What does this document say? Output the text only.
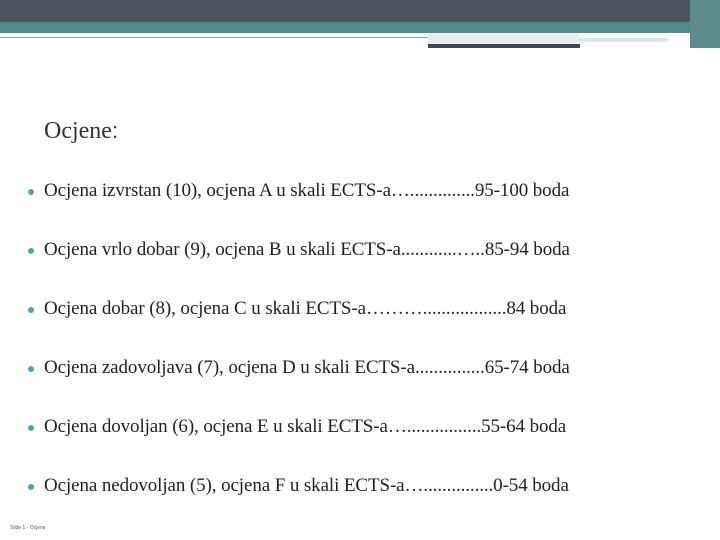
Ocjene:
Ocjena izvrstan (10), ocjena A u skali ECTS-a…..............95-100 boda
Ocjena vrlo dobar (9), ocjena B u skali ECTS-a............…..85-94 boda
Ocjena dobar (8), ocjena C u skali ECTS-a………..................84 boda
Ocjena zadovoljava (7), ocjena D u skali ECTS-a...............65-74 boda
Ocjena dovoljan (6), ocjena E u skali ECTS-a…................55-64 boda
Ocjena nedovoljan (5), ocjena F u skali ECTS-a…...............0-54 boda
Slide 1 - Ocjene
